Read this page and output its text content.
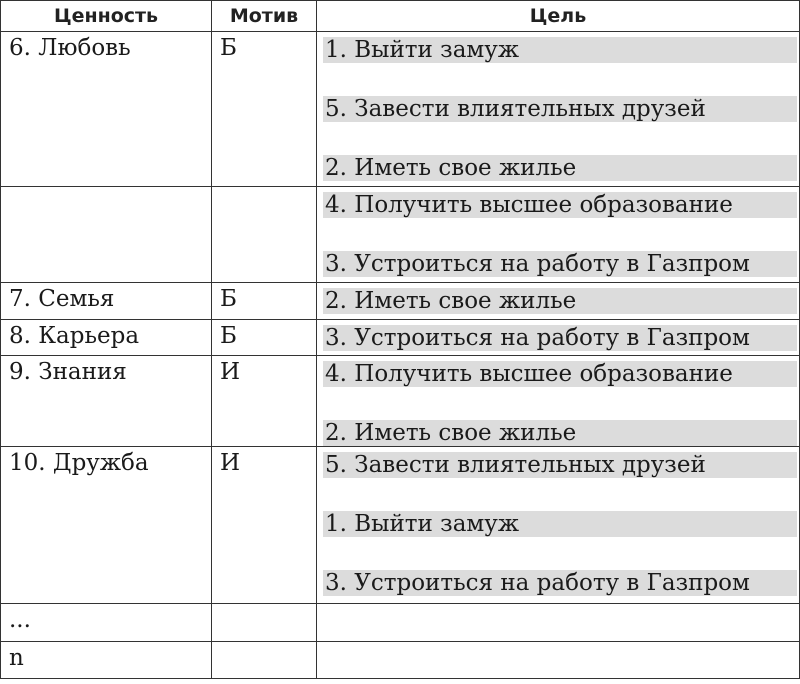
Ценность	Мотив	Цель
6. Любовь	Б	1. Выйти замуж
5. Завести влиятельных друзей
2. Иметь свое жилье

		4. Получить высшее образование
3. Устроиться на работу в Газпром

7. Семья	Б	2. Иметь свое жилье

8. Карьера	Б	3. Устроиться на работу в Газпром

9. Знания	И	4. Получить высшее образование
2. Иметь свое жилье

10. Дружба	И	5. Завести влиятельных друзей
1. Выйти замуж
3. Устроиться на работу в Газпром

...		
n		
